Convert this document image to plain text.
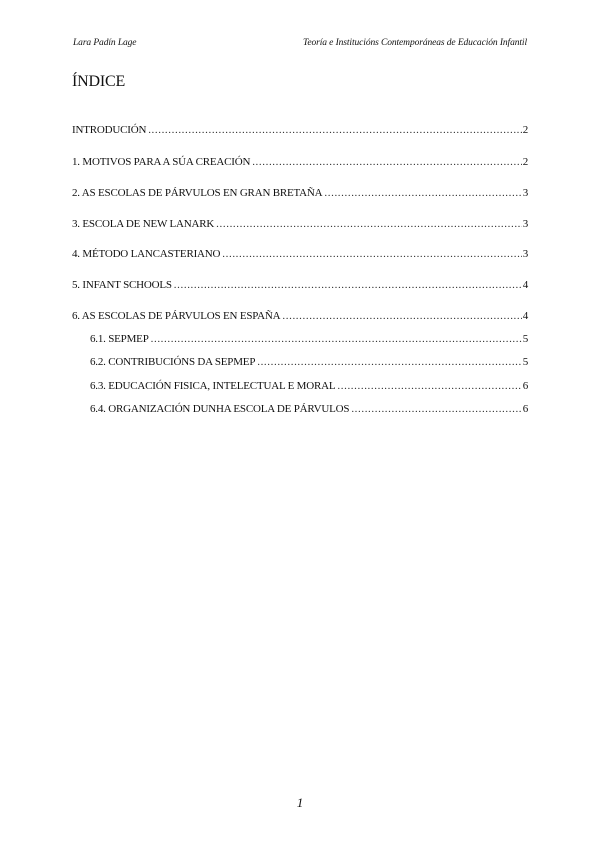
Lara Padín Lage	Teoría e Institucións Contemporáneas de Educación Infantil
ÍNDICE
INTRODUCIÓN .....	2
1. MOTIVOS PARA A SÚA CREACIÓN .....	2
2. AS ESCOLAS DE PÁRVULOS EN GRAN BRETAÑA .....	3
3. ESCOLA DE NEW LANARK .....	3
4. MÉTODO LANCASTERIANO .....	3
5. INFANT SCHOOLS .....	4
6. AS ESCOLAS DE PÁRVULOS EN ESPAÑA .....	4
6.1. SEPMEP .....	5
6.2. CONTRIBUCIÓNS DA SEPMEP .....	5
6.3. EDUCACIÓN FISICA, INTELECTUAL E MORAL .....	6
6.4. ORGANIZACIÓN DUNHA ESCOLA DE PÁRVULOS .....	6
1
